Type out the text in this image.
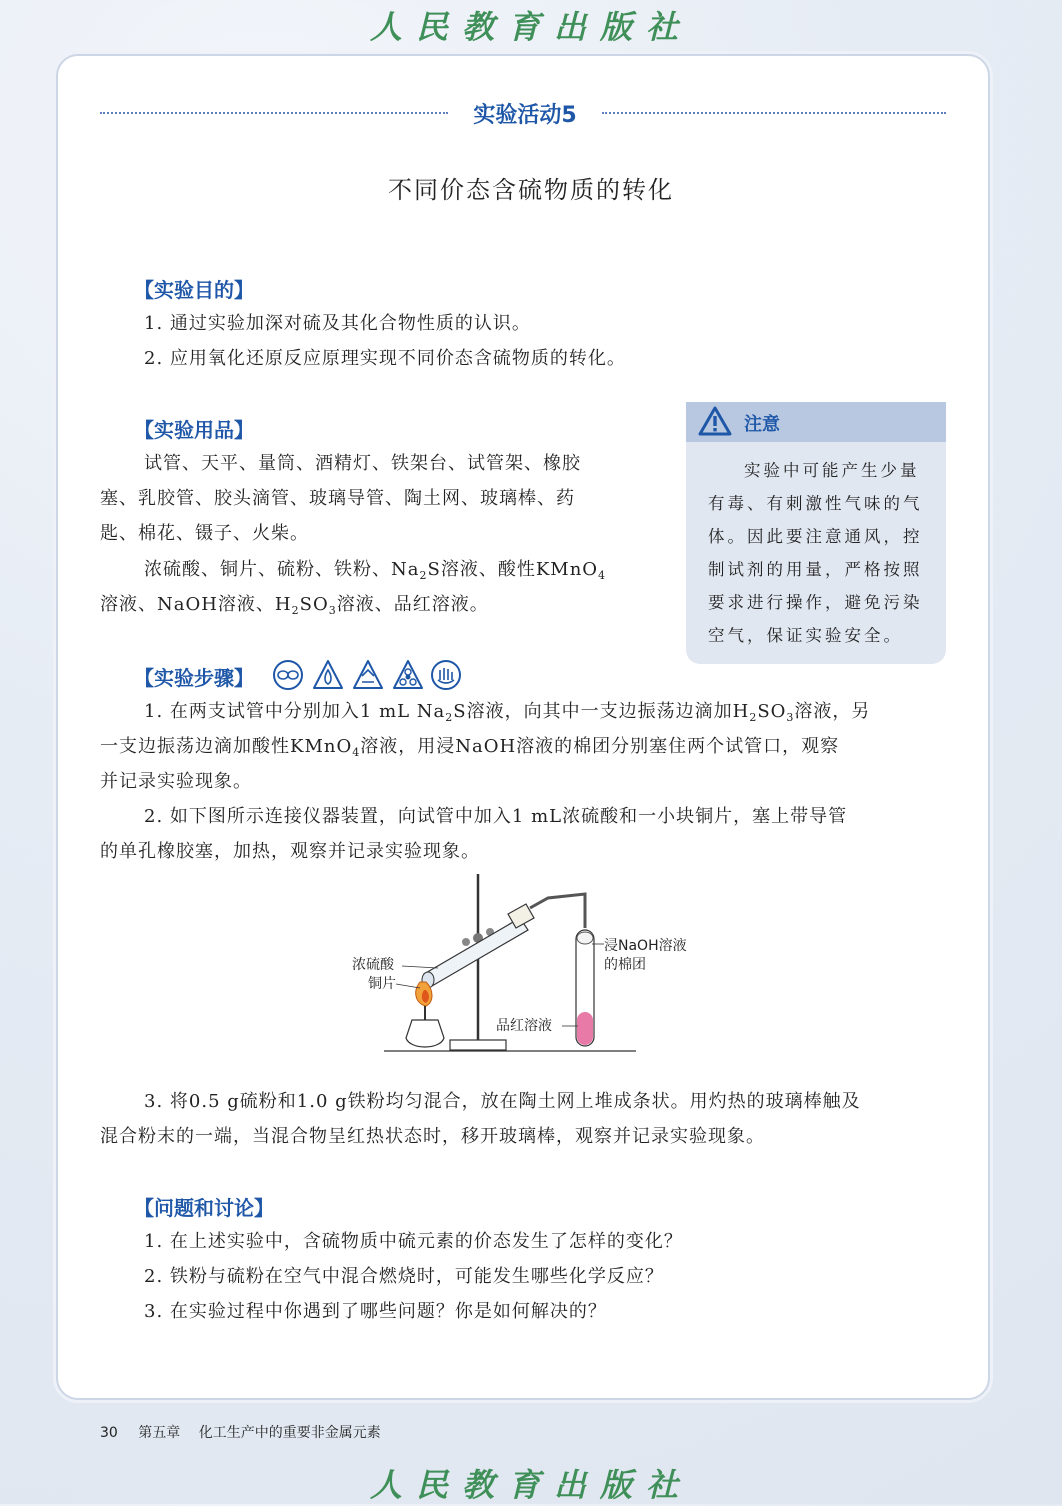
人民教育出版社
实验活动5
不同价态含硫物质的转化
【实验目的】
1. 通过实验加深对硫及其化合物性质的认识。
2. 应用氧化还原反应原理实现不同价态含硫物质的转化。
【实验用品】
试管、天平、量筒、酒精灯、铁架台、试管架、橡胶
塞、乳胶管、胶头滴管、玻璃导管、陶土网、玻璃棒、药
匙、棉花、镊子、火柴。
浓硫酸、铜片、硫粉、铁粉、$Na_2S$溶液、酸性KMnO$_4$
溶液、NaOH溶液、$H_2SO_3$溶液、品红溶液。
注意
实验中可能产生少量
有毒、有刺激性气味的气
体。因此要注意通风，控
制试剂的用量，严格按照
要求进行操作，避免污染
空气，保证实验安全。
【实验步骤】
1. 在两支试管中分别加入1 mL $Na_2S$溶液，向其中一支边振荡边滴加$H_2SO_3$溶液，另
一支边振荡边滴加酸性KMnO$_4$溶液，用浸NaOH溶液的棉团分别塞住两个试管口，观察
并记录实验现象。
2. 如下图所示连接仪器装置，向试管中加入1 mL浓硫酸和一小块铜片，塞上带导管
的单孔橡胶塞，加热，观察并记录实验现象。
浓硫酸
铜片
浸NaOH溶液
的棉团
品红溶液
3. 将0.5 g硫粉和1.0 g铁粉均匀混合，放在陶土网上堆成条状。用灼热的玻璃棒触及
混合粉末的一端，当混合物呈红热状态时，移开玻璃棒，观察并记录实验现象。
【问题和讨论】
1. 在上述实验中，含硫物质中硫元素的价态发生了怎样的变化？
2. 铁粉与硫粉在空气中混合燃烧时，可能发生哪些化学反应？
3. 在实验过程中你遇到了哪些问题？你是如何解决的？
30 第五章 化工生产中的重要非金属元素
人民教育出版社
